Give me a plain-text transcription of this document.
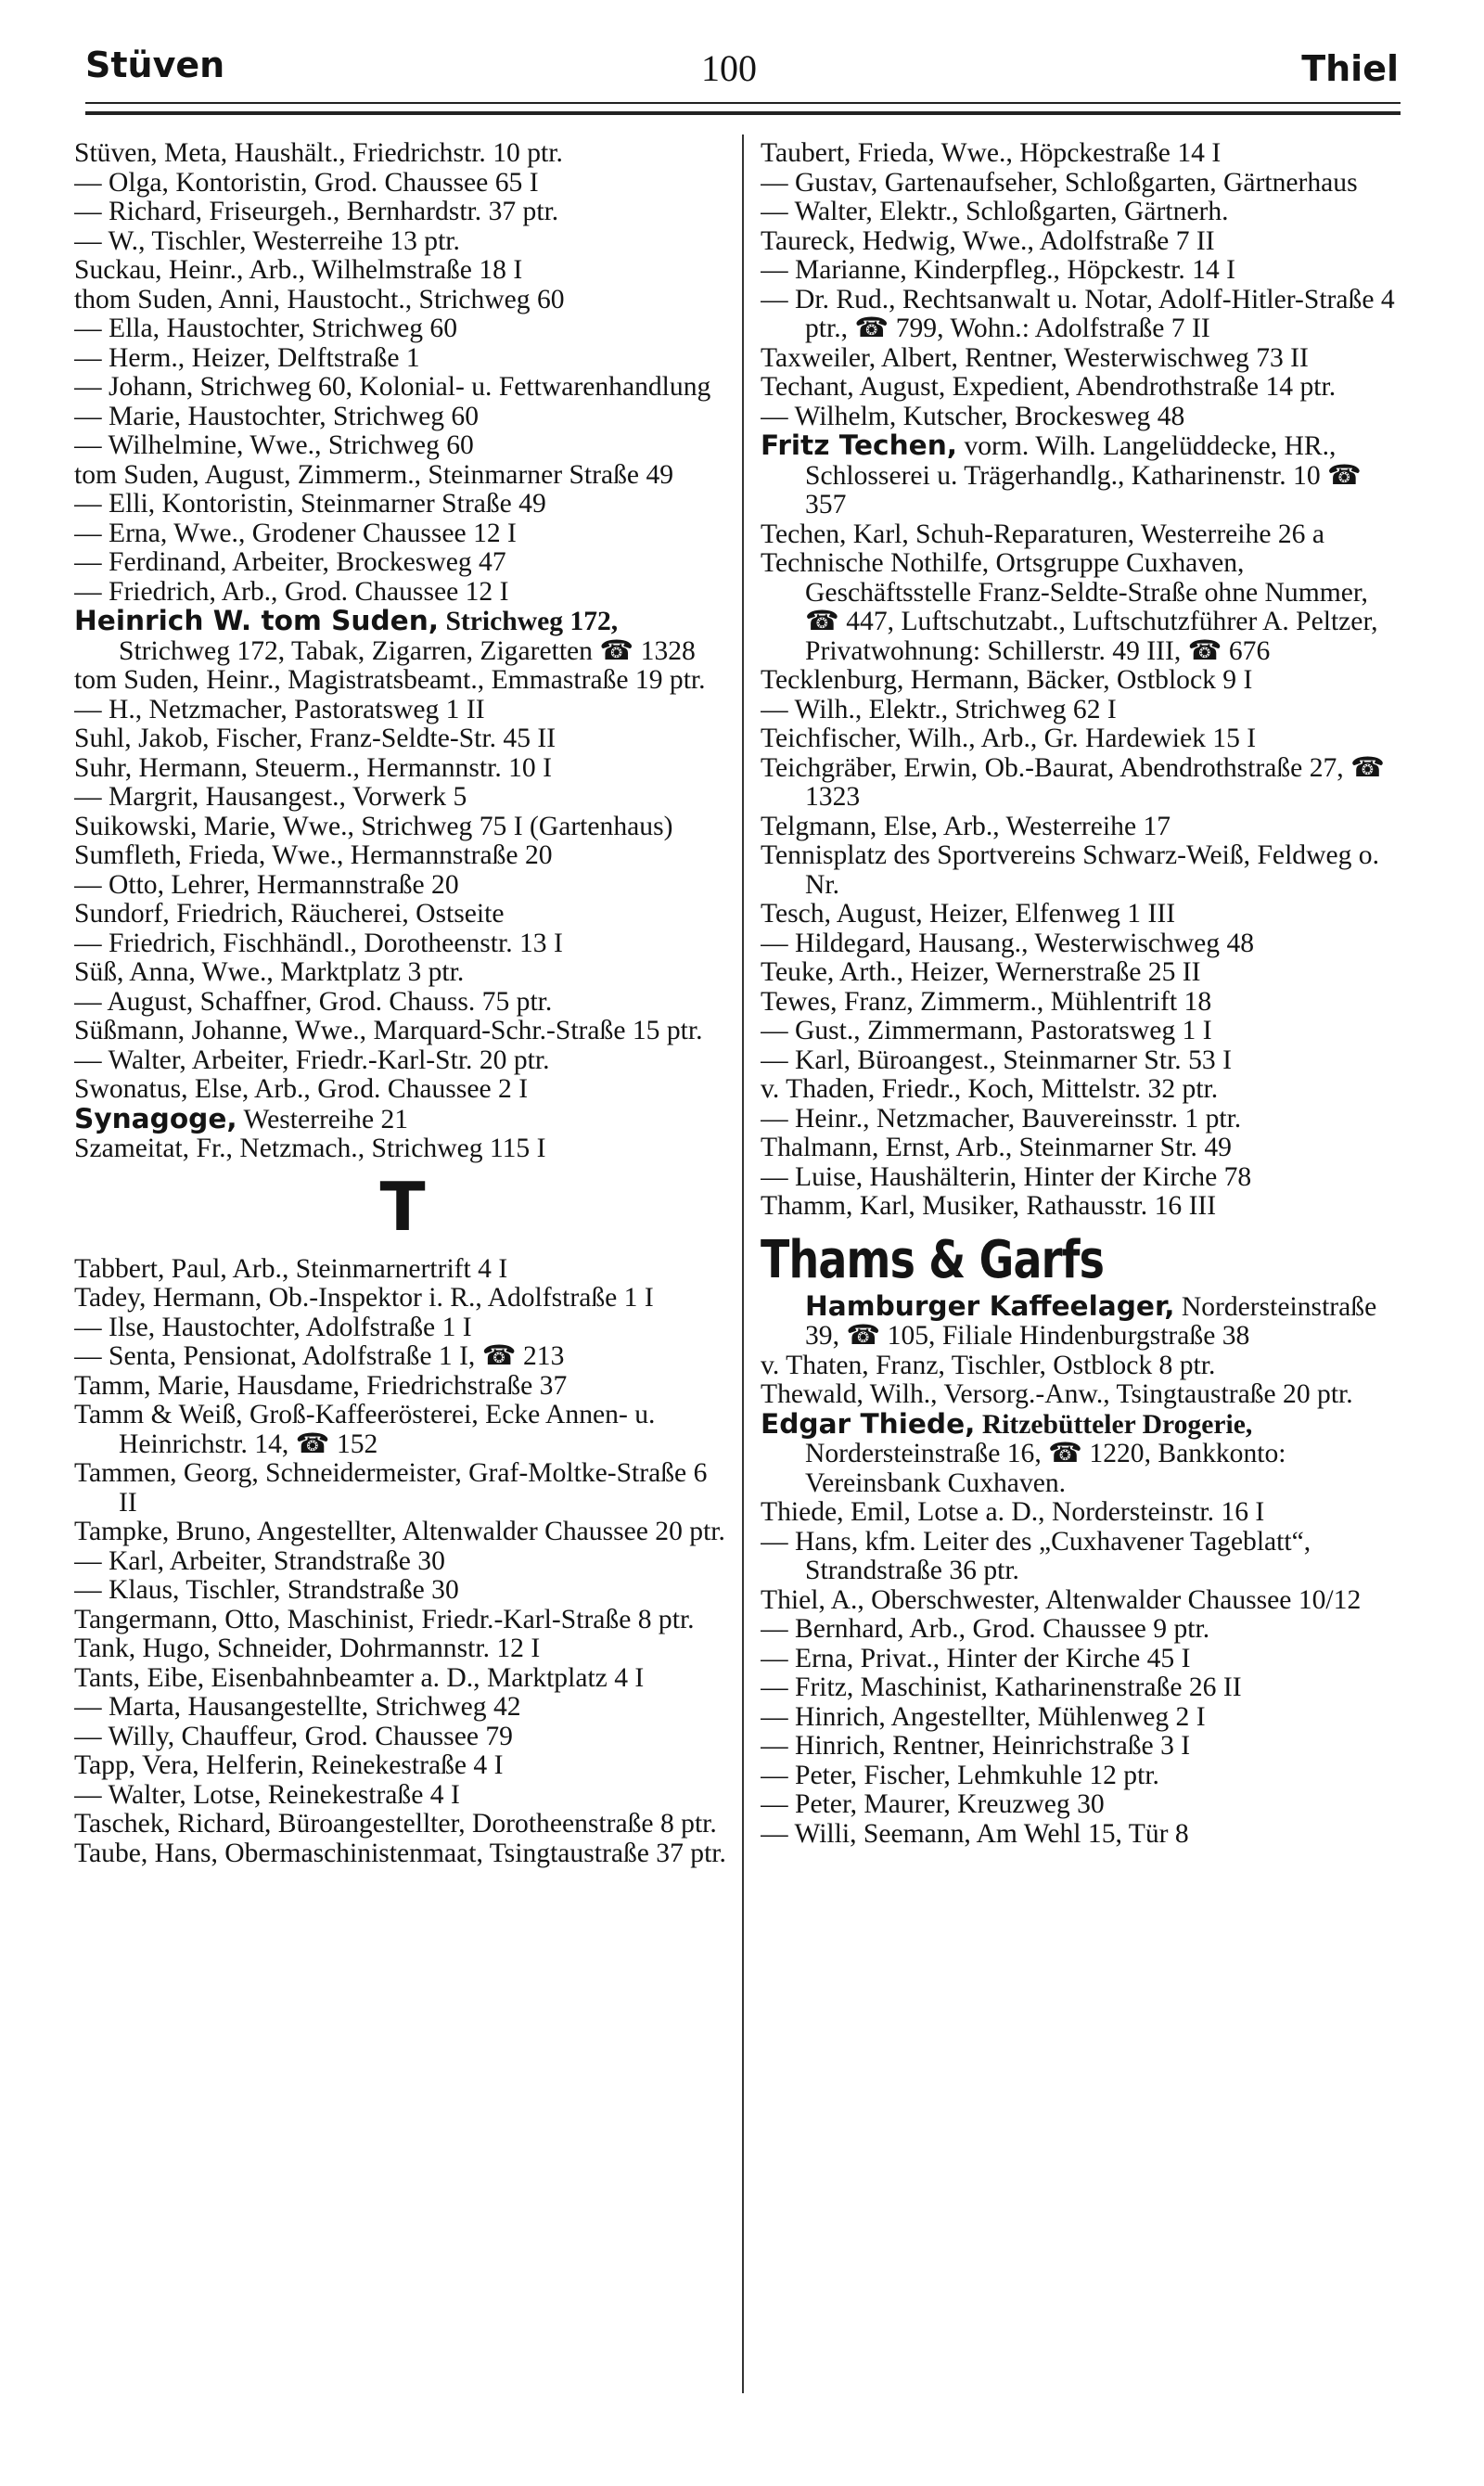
Stüven	100	Thiel

Stüven, Meta, Haushält., Friedrichstr. 10 ptr.

— Olga, Kontoristin, Grod. Chaussee 65 I

— Richard, Friseurgeh., Bernhardstr. 37 ptr.

— W., Tischler, Westerreihe 13 ptr.

Suckau, Heinr., Arb., Wilhelmstraße 18 I

thom Suden, Anni, Haustocht., Strichweg 60

— Ella, Haustochter, Strichweg 60

— Herm., Heizer, Delftstraße 1

— Johann, Strichweg 60, Kolonial- u. Fettwarenhandlung

— Marie, Haustochter, Strichweg 60

— Wilhelmine, Wwe., Strichweg 60

tom Suden, August, Zimmerm., Steinmarner Straße 49

— Elli, Kontoristin, Steinmarner Straße 49

— Erna, Wwe., Grodener Chaussee 12 I

— Ferdinand, Arbeiter, Brockesweg 47

— Friedrich, Arb., Grod. Chaussee 12 I

Heinrich W. tom Suden, Strichweg 172, Strichweg 172, Tabak, Zigarren, Zigaretten ☎ 1328

tom Suden, Heinr., Magistratsbeamt., Emmastraße 19 ptr.

— H., Netzmacher, Pastoratsweg 1 II

Suhl, Jakob, Fischer, Franz-Seldte-Str. 45 II

Suhr, Hermann, Steuerm., Hermannstr. 10 I

— Margrit, Hausangest., Vorwerk 5

Suikowski, Marie, Wwe., Strichweg 75 I (Gartenhaus)

Sumfleth, Frieda, Wwe., Hermannstraße 20

— Otto, Lehrer, Hermannstraße 20

Sundorf, Friedrich, Räucherei, Ostseite

— Friedrich, Fischhändl., Dorotheenstr. 13 I

Süß, Anna, Wwe., Marktplatz 3 ptr.

— August, Schaffner, Grod. Chauss. 75 ptr.

Süßmann, Johanne, Wwe., Marquard-Schr.-Straße 15 ptr.

— Walter, Arbeiter, Friedr.-Karl-Str. 20 ptr.

Swonatus, Else, Arb., Grod. Chaussee 2 I

Synagoge, Westerreihe 21

Szameitat, Fr., Netzmach., Strichweg 115 I

T

Tabbert, Paul, Arb., Steinmarnertrift 4 I

Tadey, Hermann, Ob.-Inspektor i. R., Adolfstraße 1 I

— Ilse, Haustochter, Adolfstraße 1 I

— Senta, Pensionat, Adolfstraße 1 I, ☎ 213

Tamm, Marie, Hausdame, Friedrichstraße 37

Tamm & Weiß, Groß-Kaffeerösterei, Ecke Annen- u. Heinrichstr. 14, ☎ 152

Tammen, Georg, Schneidermeister, Graf-Moltke-Straße 6 II

Tampke, Bruno, Angestellter, Altenwalder Chaussee 20 ptr.

— Karl, Arbeiter, Strandstraße 30

— Klaus, Tischler, Strandstraße 30

Tangermann, Otto, Maschinist, Friedr.-Karl-Straße 8 ptr.

Tank, Hugo, Schneider, Dohrmannstr. 12 I

Tants, Eibe, Eisenbahnbeamter a. D., Marktplatz 4 I

— Marta, Hausangestellte, Strichweg 42

— Willy, Chauffeur, Grod. Chaussee 79

Tapp, Vera, Helferin, Reinekestraße 4 I

— Walter, Lotse, Reinekestraße 4 I

Taschek, Richard, Büroangestellter, Dorotheenstraße 8 ptr.

Taube, Hans, Obermaschinistenmaat, Tsingtaustraße 37 ptr.

Taubert, Frieda, Wwe., Höpckestraße 14 I

— Gustav, Gartenaufseher, Schloßgarten, Gärtnerhaus

— Walter, Elektr., Schloßgarten, Gärtnerh.

Taureck, Hedwig, Wwe., Adolfstraße 7 II

— Marianne, Kinderpfleg., Höpckestr. 14 I

— Dr. Rud., Rechtsanwalt u. Notar, Adolf-Hitler-Straße 4 ptr., ☎ 799, Wohn.: Adolfstraße 7 II

Taxweiler, Albert, Rentner, Westerwischweg 73 II

Techant, August, Expedient, Abendrothstraße 14 ptr.

— Wilhelm, Kutscher, Brockesweg 48

Fritz Techen, vorm. Wilh. Langelüddecke, HR., Schlosserei u. Trägerhandlg., Katharinenstr. 10 ☎ 357

Techen, Karl, Schuh-Reparaturen, Westerreihe 26 a

Technische Nothilfe, Ortsgruppe Cuxhaven, Geschäftsstelle Franz-Seldte-Straße ohne Nummer, ☎ 447, Luftschutzabt., Luftschutzführer A. Peltzer, Privatwohnung: Schillerstr. 49 III, ☎ 676

Tecklenburg, Hermann, Bäcker, Ostblock 9 I

— Wilh., Elektr., Strichweg 62 I

Teichfischer, Wilh., Arb., Gr. Hardewiek 15 I

Teichgräber, Erwin, Ob.-Baurat, Abendrothstraße 27, ☎ 1323

Telgmann, Else, Arb., Westerreihe 17

Tennisplatz des Sportvereins Schwarz-Weiß, Feldweg o. Nr.

Tesch, August, Heizer, Elfenweg 1 III

— Hildegard, Hausang., Westerwischweg 48

Teuke, Arth., Heizer, Wernerstraße 25 II

Tewes, Franz, Zimmerm., Mühlentrift 18

— Gust., Zimmermann, Pastoratsweg 1 I

— Karl, Büroangest., Steinmarner Str. 53 I

v. Thaden, Friedr., Koch, Mittelstr. 32 ptr.

— Heinr., Netzmacher, Bauvereinsstr. 1 ptr.

Thalmann, Ernst, Arb., Steinmarner Str. 49

— Luise, Haushälterin, Hinter der Kirche 78

Thamm, Karl, Musiker, Rathausstr. 16 III

Thams & Garfs

Hamburger Kaffeelager, Nordersteinstraße 39, ☎ 105, Filiale Hindenburgstraße 38

v. Thaten, Franz, Tischler, Ostblock 8 ptr.

Thewald, Wilh., Versorg.-Anw., Tsingtaustraße 20 ptr.

Edgar Thiede, Ritzebütteler Drogerie, Nordersteinstraße 16, ☎ 1220, Bankkonto: Vereinsbank Cuxhaven.

Thiede, Emil, Lotse a. D., Nordersteinstr. 16 I

— Hans, kfm. Leiter des „Cuxhavener Tageblatt“, Strandstraße 36 ptr.

Thiel, A., Oberschwester, Altenwalder Chaussee 10/12

— Bernhard, Arb., Grod. Chaussee 9 ptr.

— Erna, Privat., Hinter der Kirche 45 I

— Fritz, Maschinist, Katharinenstraße 26 II

— Hinrich, Angestellter, Mühlenweg 2 I

— Hinrich, Rentner, Heinrichstraße 3 I

— Peter, Fischer, Lehmkuhle 12 ptr.

— Peter, Maurer, Kreuzweg 30

— Willi, Seemann, Am Wehl 15, Tür 8
